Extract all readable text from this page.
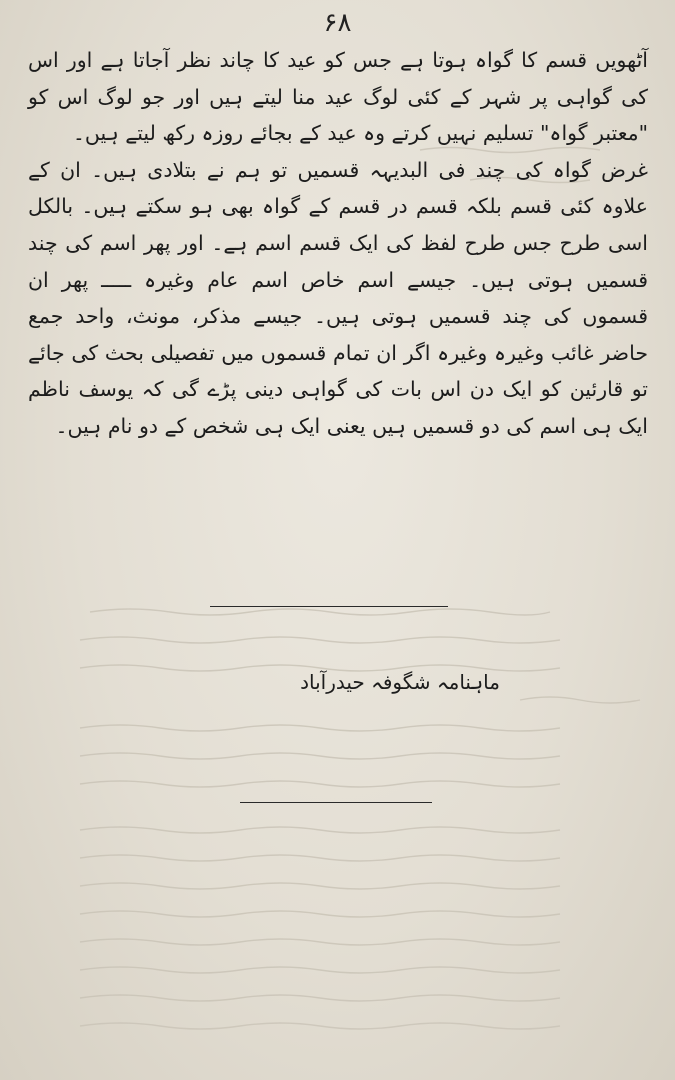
۶۸

آٹھویں قسم کا گواہ ہوتا ہے جس کو عید کا چاند نظر آجاتا ہے اور اس کی گواہی پر شہر کے کئی لوگ عید منا لیتے ہیں اور جو لوگ اس کو "معتبر گواہ" تسلیم نہیں کرتے وہ عید کے بجائے روزہ رکھ لیتے ہیں۔

غرض گواہ کی چند فی البدیہہ قسمیں تو ہم نے بتلادی ہیں۔ ان کے علاوہ کئی قسم بلکہ قسم در قسم کے گواہ بھی ہو سکتے ہیں۔ بالکل اسی طرح جس طرح لفظ کی ایک قسم اسم ہے۔ اور پھر اسم کی چند قسمیں ہوتی ہیں۔ جیسے اسم خاص اسم عام وغیرہ ـــــ پھر ان قسموں کی چند قسمیں ہوتی ہیں۔ جیسے مذکر، مونث، واحد جمع حاضر غائب وغیرہ وغیرہ اگر ان تمام قسموں میں تفصیلی بحث کی جائے تو قارئین کو ایک دن اس بات کی گواہی دینی پڑے گی کہ یوسف ناظم ایک ہی اسم کی دو قسمیں ہیں یعنی ایک ہی شخص کے دو نام ہیں۔

ماہنامہ شگوفہ حیدرآباد
